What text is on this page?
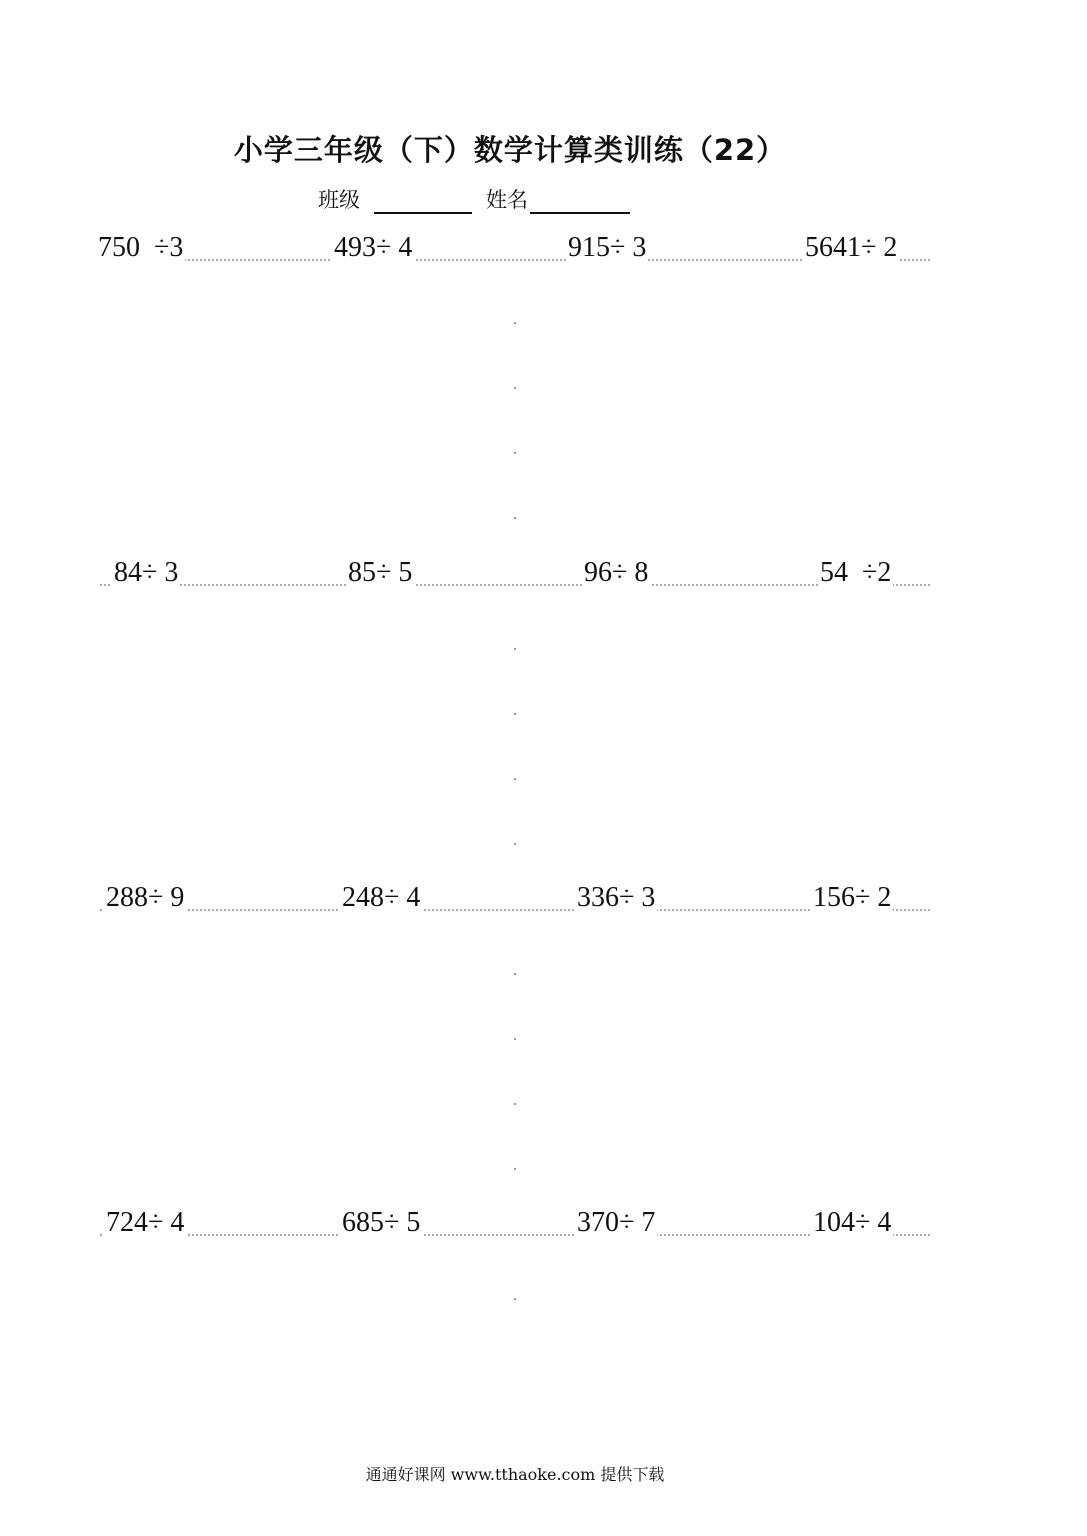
小学三年级（下）数学计算类训练（22）
班级	姓名
750  ÷3	493÷ 4	915÷ 3	5641÷ 2
84÷ 3	85÷ 5	96÷ 8	54  ÷2
288÷ 9	248÷ 4	336÷ 3	156÷ 2
724÷ 4	685÷ 5	370÷ 7	104÷ 4
通通好课网 www.tthaoke.com 提供下载
